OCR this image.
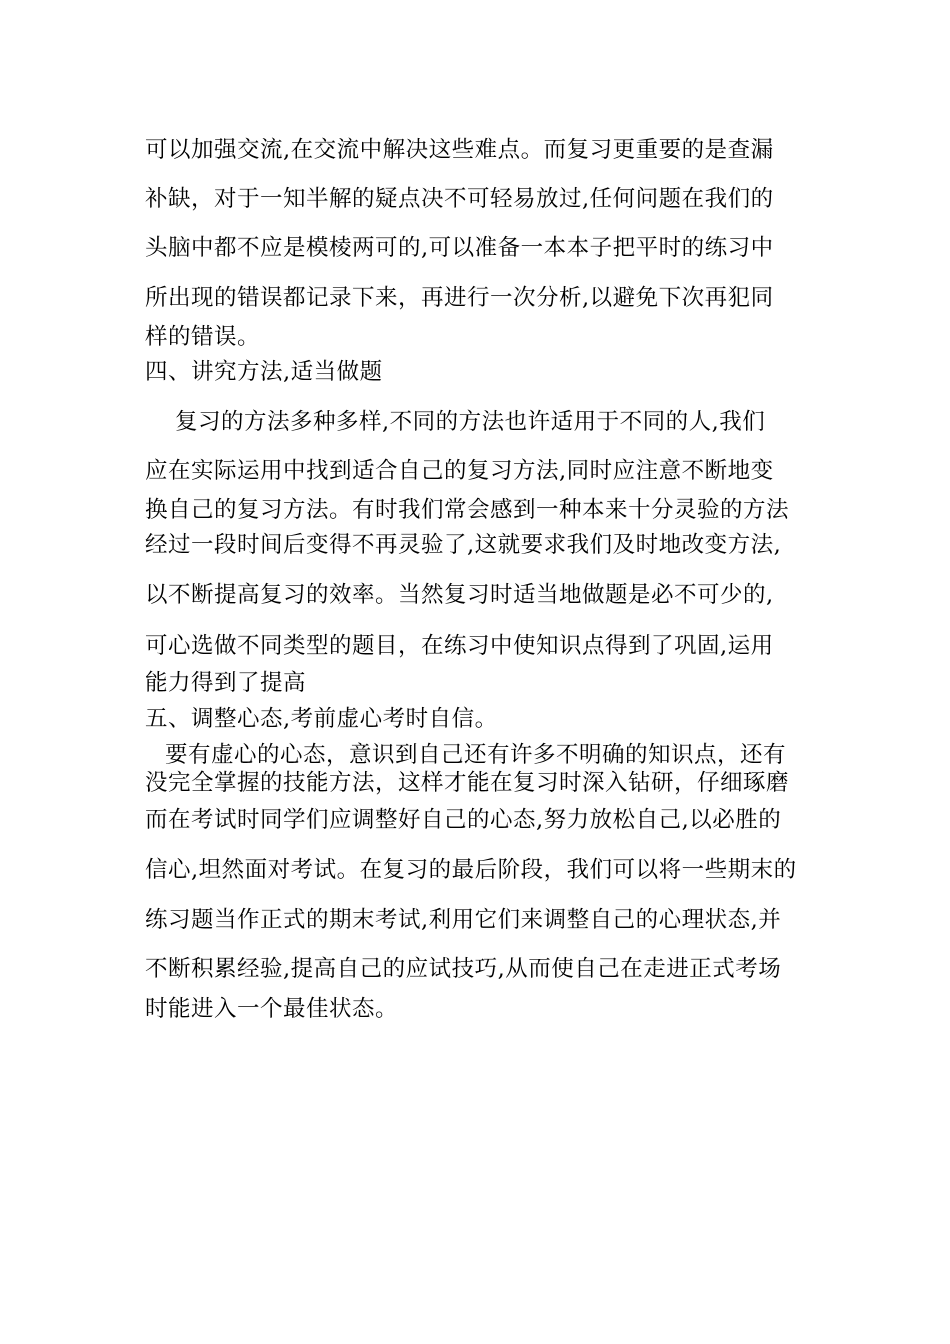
可以加强交流,在交流中解决这些难点。而复习更重要的是查漏
补缺，对于一知半解的疑点决不可轻易放过,任何问题在我们的
头脑中都不应是模棱两可的,可以准备一本本子把平时的练习中
所出现的错误都记录下来，再进行一次分析,以避免下次再犯同
样的错误。
四、讲究方法,适当做题
复习的方法多种多样,不同的方法也许适用于不同的人,我们
应在实际运用中找到适合自己的复习方法,同时应注意不断地变
换自己的复习方法。有时我们常会感到一种本来十分灵验的方法
经过一段时间后变得不再灵验了,这就要求我们及时地改变方法,
以不断提高复习的效率。当然复习时适当地做题是必不可少的,
可心选做不同类型的题目，在练习中使知识点得到了巩固,运用
能力得到了提高
五、调整心态,考前虚心考时自信。
要有虚心的心态，意识到自己还有许多不明确的知识点，还有
没完全掌握的技能方法，这样才能在复习时深入钻研，仔细琢磨
而在考试时同学们应调整好自己的心态,努力放松自己,以必胜的
信心,坦然面对考试。在复习的最后阶段，我们可以将一些期末的
练习题当作正式的期末考试,利用它们来调整自己的心理状态,并
不断积累经验,提高自己的应试技巧,从而使自己在走进正式考场
时能进入一个最佳状态。
